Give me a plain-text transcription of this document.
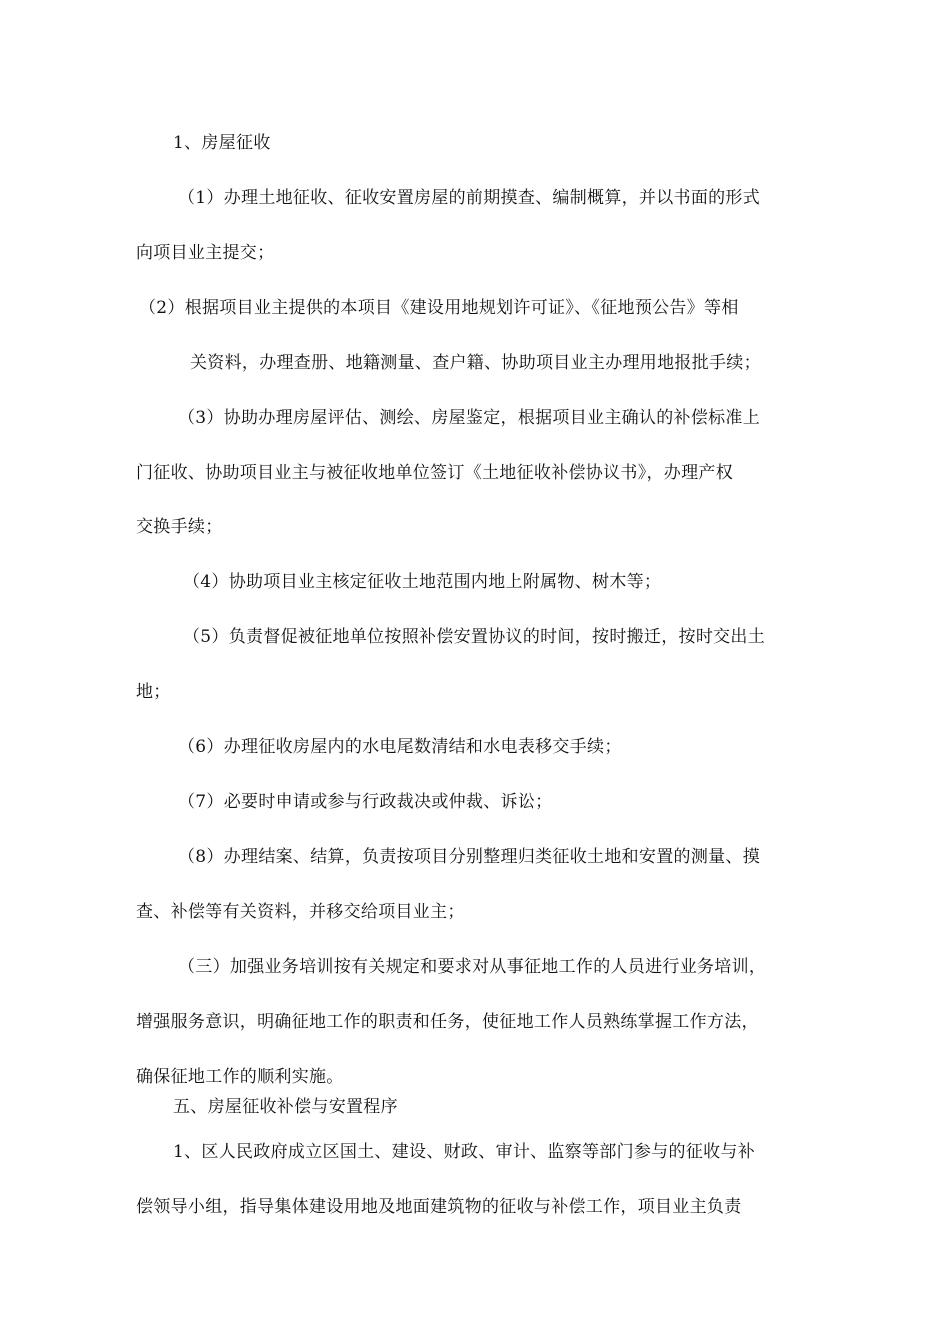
1、房屋征收
（1）办理土地征收、征收安置房屋的前期摸查、编制概算，并以书面的形式
向项目业主提交；
（2）根据项目业主提供的本项目《建设用地规划许可证》、《征地预公告》等相
关资料，办理查册、地籍测量、查户籍、协助项目业主办理用地报批手续；
（3）协助办理房屋评估、测绘、房屋鉴定，根据项目业主确认的补偿标准上
门征收、协助项目业主与被征收地单位签订《土地征收补偿协议书》，办理产权
交换手续；
（4）协助项目业主核定征收土地范围内地上附属物、树木等；
（5）负责督促被征地单位按照补偿安置协议的时间，按时搬迁，按时交出土
地；
（6）办理征收房屋内的水电尾数清结和水电表移交手续；
（7）必要时申请或参与行政裁决或仲裁、诉讼；
（8）办理结案、结算，负责按项目分别整理归类征收土地和安置的测量、摸
查、补偿等有关资料，并移交给项目业主；
（三）加强业务培训按有关规定和要求对从事征地工作的人员进行业务培训，
增强服务意识，明确征地工作的职责和任务，使征地工作人员熟练掌握工作方法，
确保征地工作的顺利实施。
五、房屋征收补偿与安置程序
1、区人民政府成立区国土、建设、财政、审计、监察等部门参与的征收与补
偿领导小组，指导集体建设用地及地面建筑物的征收与补偿工作，项目业主负责
